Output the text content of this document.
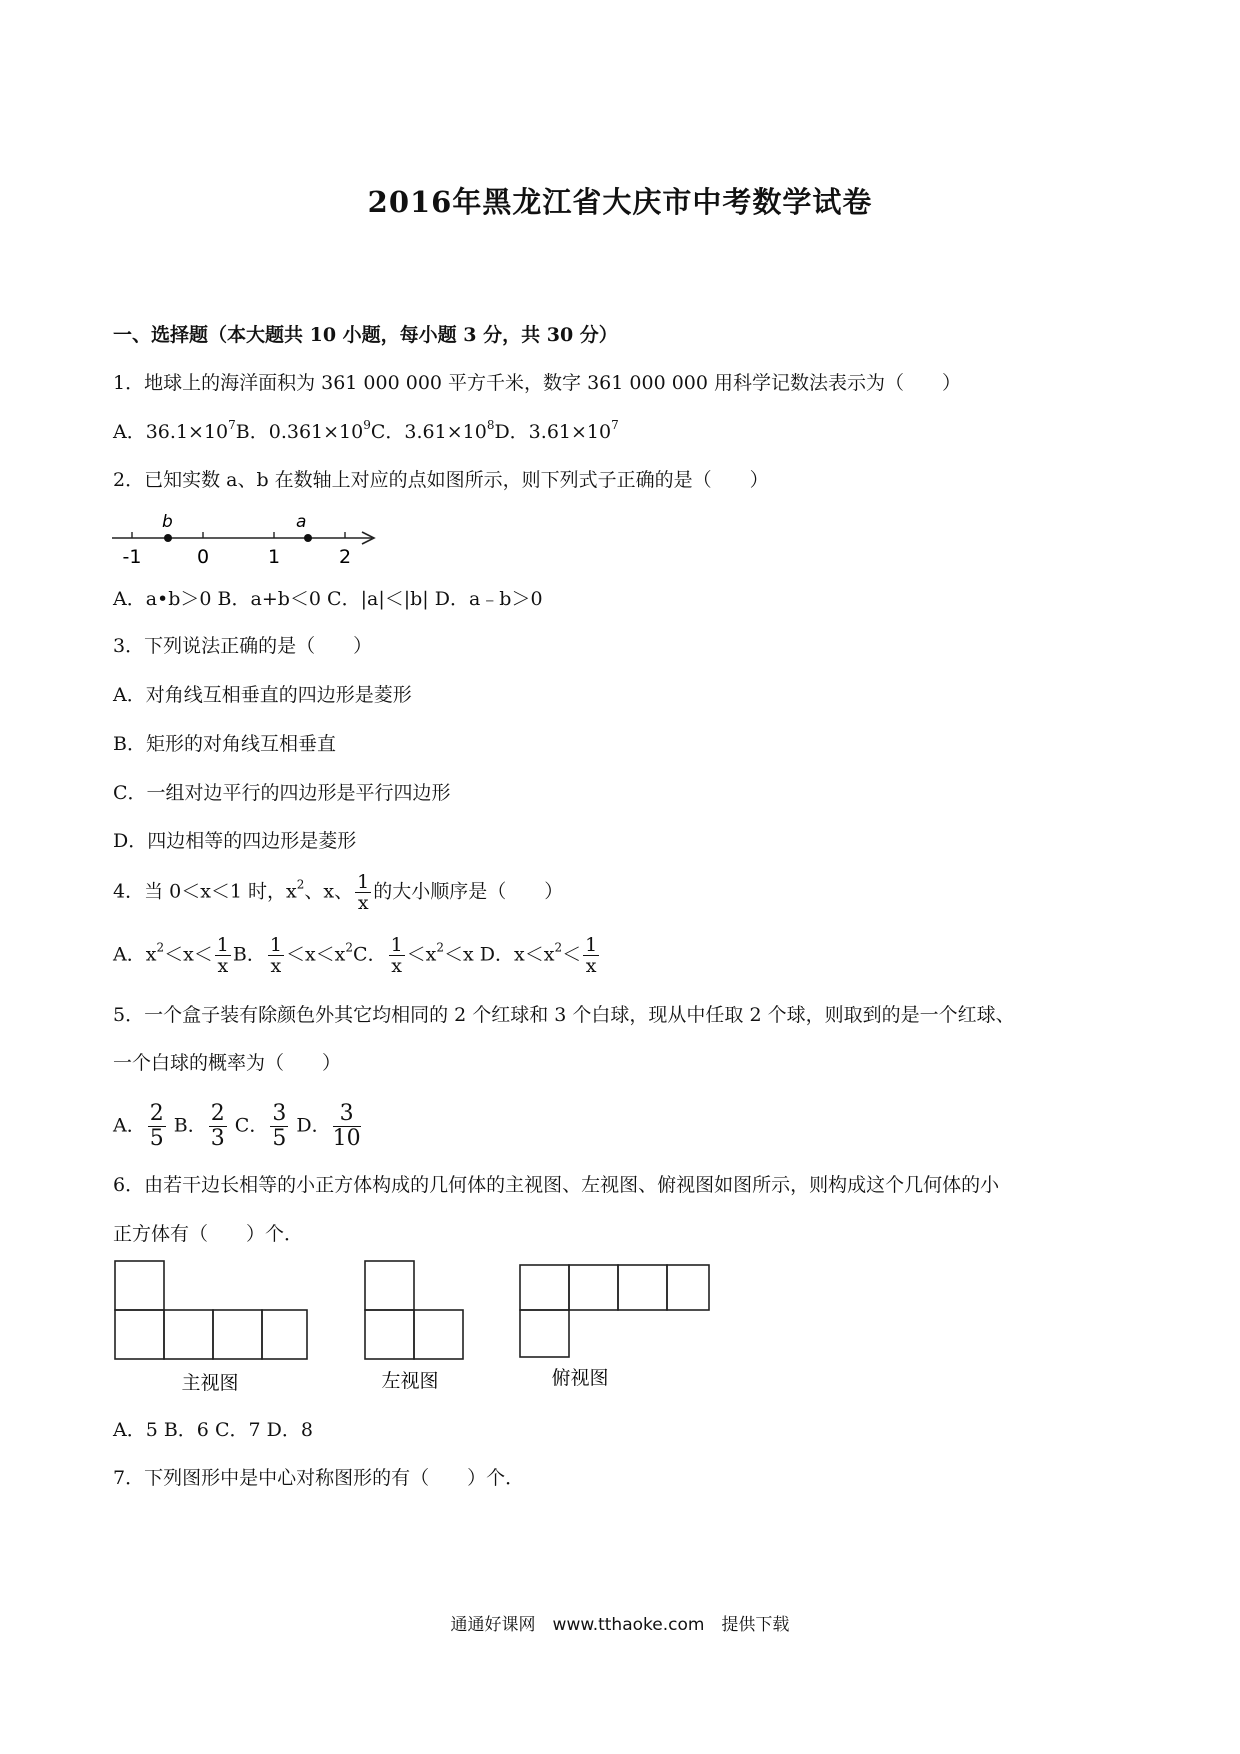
2016年黑龙江省大庆市中考数学试卷
一、选择题（本大题共 10 小题，每小题 3 分，共 30 分）
1．地球上的海洋面积为 361 000 000 平方千米，数字 361 000 000 用科学记数法表示为（　　）
A．$36.1\times 10^7B$．$0.361\times 10^9C$．$3.61\times 10^8D$．$3.61\times 10^7$
2．已知实数 a、b 在数轴上对应的点如图所示，则下列式子正确的是（　　）
-1	0	1	2
b	a
A．a•b＞0 B．a+b＜0 C．|a|＜|b| D．a﹣b＞0
3．下列说法正确的是（　　）
A．对角线互相垂直的四边形是菱形
B．矩形的对角线互相垂直
C．一组对边平行的四边形是平行四边形
D．四边相等的四边形是菱形
4．当 0＜x＜1 时，$x^2$、x、 $\frac{1}{x}$ 的大小顺序是（　　）
A．$x^2<x< \frac{1}{x}$ B． $\frac{1}{x} <x<x^2C$． $\frac{1}{x} <x^2<x$ D．$x<x^2< \frac{1}{x}$
5．一个盒子装有除颜色外其它均相同的 2 个红球和 3 个白球，现从中任取 2 个球，则取到的是一个红球、
一个白球的概率为（　　）
A． $\frac{2}{5}$ B． $\frac{2}{3}$ C． $\frac{3}{5}$ D． $\frac{3}{10}$
6．由若干边长相等的小正方体构成的几何体的主视图、左视图、俯视图如图所示，则构成这个几何体的小
正方体有（　　）个．
主视图	左视图	俯视图
A．5 B．6 C．7 D．8
7．下列图形中是中心对称图形的有（　　）个．
通通好课网　www.tthaoke.com　提供下载
